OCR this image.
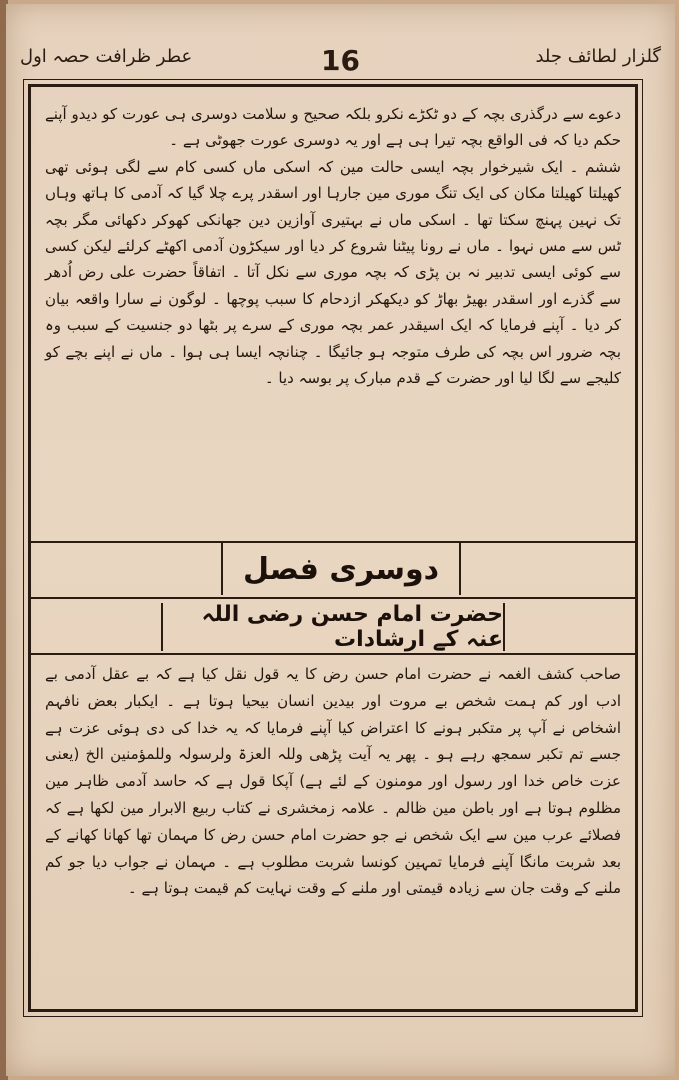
گلزار لطائف جلد
16
عطر ظرافت حصہ اول

دعوے سے درگذری بچہ کے دو ٹکڑے نکرو بلکہ صحیح و سلامت دوسری ہی عورت کو دیدو آپنے حکم دیا کہ فی الواقع بچہ تیرا ہی ہے اور یہ دوسری عورت جھوٹی ہے ۔

ششم ۔ ایک شیرخوار بچہ ایسی حالت مین کہ اسکی ماں کسی کام سے لگی ہوئی تھی کھیلتا کھیلتا مکان کی ایک تنگ موری مین جارہا اور اسقدر پرے چلا گیا کہ آدمی کا ہاتھ وہاں تک نہین پہنچ سکتا تھا ۔ اسکی ماں نے بہتیری آوازین دین جھانکی کھوکر دکھائی مگر بچہ ٹس سے مس نہوا ۔ ماں نے رونا پیٹنا شروع کر دیا اور سیکڑون آدمی اکھٹے کرلئے لیکن کسی سے کوئی ایسی تدبیر نہ بن پڑی کہ بچہ موری سے نکل آتا ۔ اتفاقاً حضرت علی رض اُدھر سے گذرے اور اسقدر بھیڑ بھاڑ کو دیکھکر ازدحام کا سبب پوچھا ۔ لوگون نے سارا واقعہ بیان کر دیا ۔ آپنے فرمایا کہ ایک اسیقدر عمر بچہ موری کے سرے پر بٹھا دو جنسیت کے سبب وہ بچہ ضرور اس بچہ کی طرف متوجہ ہو جائیگا ۔ چنانچہ ایسا ہی ہوا ۔ ماں نے اپنے بچے کو کلیجے سے لگا لیا اور حضرت کے قدم مبارک پر بوسہ دیا ۔

دوسری فصل
حضرت امام حسن رضی اللہ عنہ کے ارشادات

صاحب کشف الغمہ نے حضرت امام حسن رض کا یہ قول نقل کیا ہے کہ بے عقل آدمی بے ادب اور کم ہمت شخص بے مروت اور بیدین انسان بیحیا ہوتا ہے ۔ ایکبار بعض نافہم اشخاص نے آپ پر متکبر ہونے کا اعتراض کیا آپنے فرمایا کہ یہ خدا کی دی ہوئی عزت ہے جسے تم تکبر سمجھ رہے ہو ۔ پھر یہ آیت پڑھی وللہ العزۃ ولرسولہ وللمؤمنین الخ (یعنی عزت خاص خدا اور رسول اور مومنون کے لئے ہے) آپکا قول ہے کہ حاسد آدمی ظاہر مین مظلوم ہوتا ہے اور باطن مین ظالم ۔ علامہ زمخشری نے کتاب ربیع الابرار مین لکھا ہے کہ فصلائے عرب مین سے ایک شخص نے جو حضرت امام حسن رض کا مہمان تھا کھانا کھانے کے بعد شربت مانگا آپنے فرمایا تمہین کونسا شربت مطلوب ہے ۔ مہمان نے جواب دیا جو کم ملنے کے وقت جان سے زیادہ قیمتی اور ملنے کے وقت نہایت کم قیمت ہوتا ہے ۔
